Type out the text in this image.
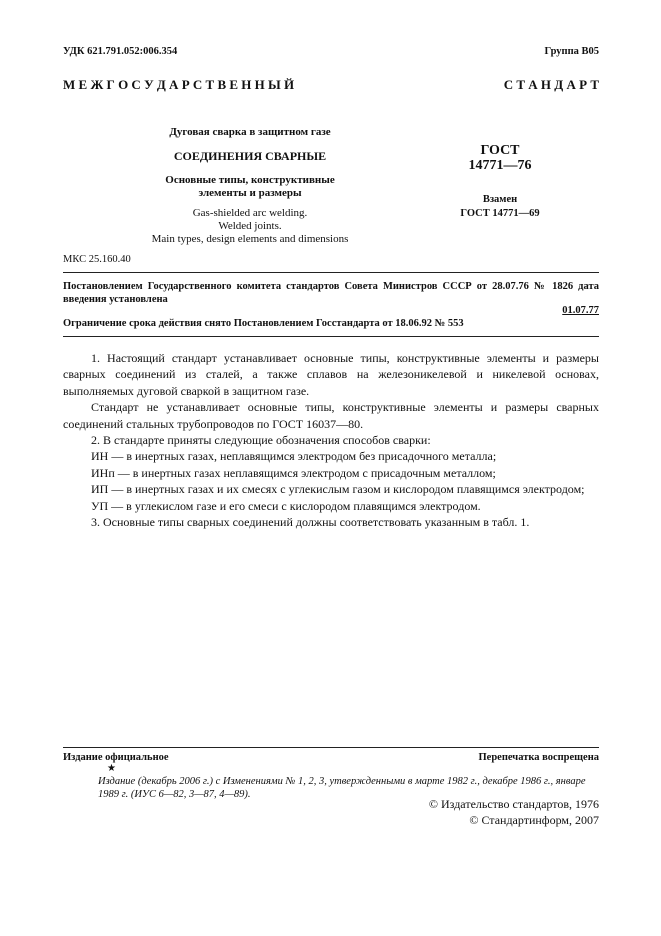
УДК 621.791.052:006.354	Группа В05
М Е Ж Г О С У Д А Р С Т В Е Н Н Ы Й	С Т А Н Д А Р Т
Дуговая сварка в защитном газе
СОЕДИНЕНИЯ СВАРНЫЕ
Основные типы, конструктивные
элементы и размеры
Gas-shielded arc welding.
Welded joints.
Main types, design elements and dimensions
ГОСТ
14771—76
Взамен
ГОСТ 14771—69
МКС 25.160.40
Постановлением Государственного комитета стандартов Совета Министров СССР от 28.07.76 № 1826 дата введения установлена
01.07.77
Ограничение срока действия снято Постановлением Госстандарта от 18.06.92 № 553

1. Настоящий стандарт устанавливает основные типы, конструктивные элементы и размеры сварных соединений из сталей, а также сплавов на железоникелевой и никелевой основах, выполняемых дуговой сваркой в защитном газе.

Стандарт не устанавливает основные типы, конструктивные элементы и размеры сварных соединений стальных трубопроводов по ГОСТ 16037—80.

2. В стандарте приняты следующие обозначения способов сварки:

ИН — в инертных газах, неплавящимся электродом без присадочного металла;

ИНп — в инертных газах неплавящимся электродом с присадочным металлом;

ИП — в инертных газах и их смесях с углекислым газом и кислородом плавящимся электродом;

УП — в углекислом газе и его смеси с кислородом плавящимся электродом.

3. Основные типы сварных соединений должны соответствовать указанным в табл. 1.

Издание официальное	Перепечатка воспрещена
★
Издание (декабрь 2006 г.) с Изменениями № 1, 2, 3, утвержденными в марте 1982 г., декабре 1986 г., январе 1989 г. (ИУС 6—82, 3—87, 4—89).
© Издательство стандартов, 1976
© Стандартинформ, 2007
